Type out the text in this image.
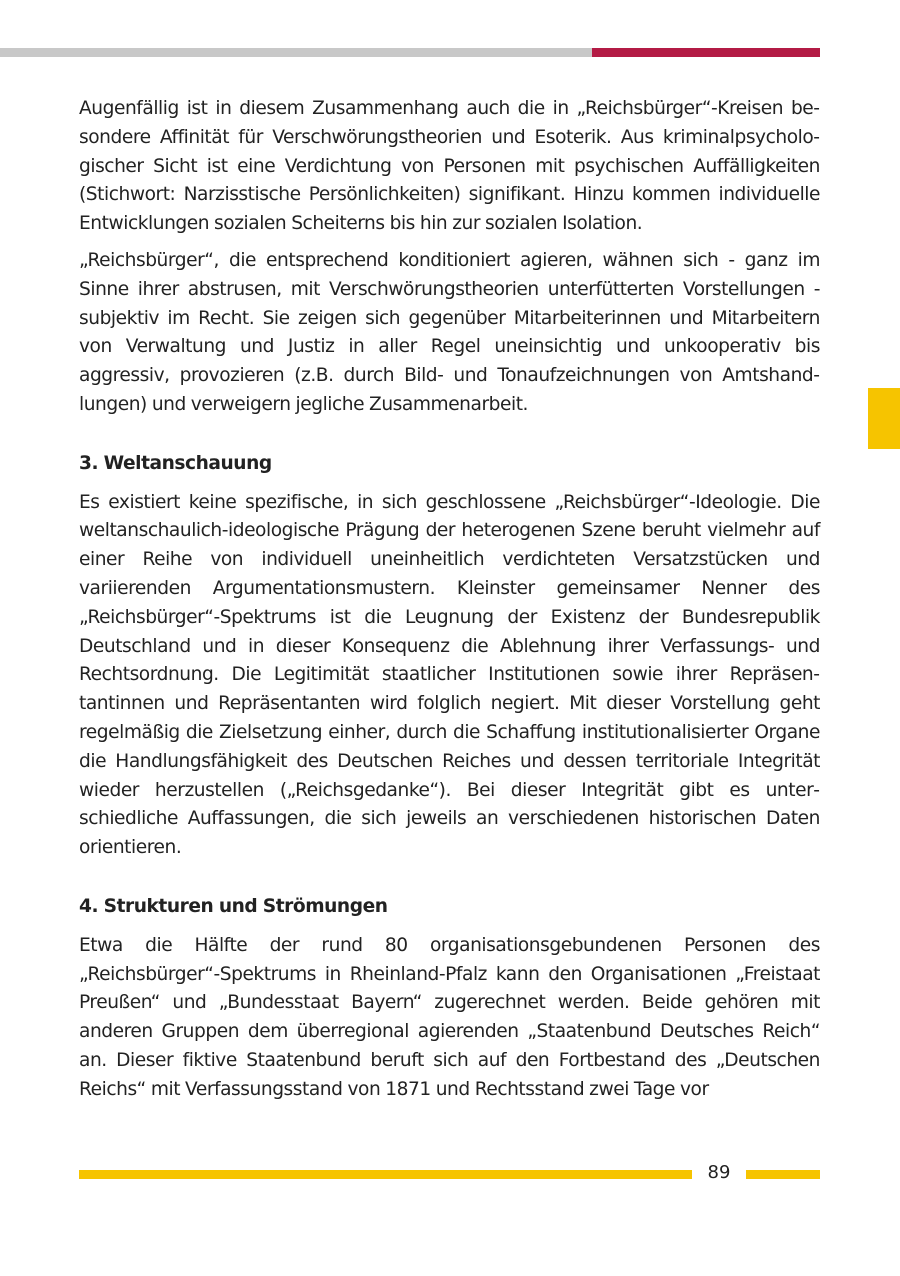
Augenfällig ist in diesem Zusammenhang auch die in „Reichsbürger“-Kreisen besondere Affinität für Verschwörungstheorien und Esoterik. Aus kriminalpsychologischer Sicht ist eine Verdichtung von Personen mit psychischen Auffälligkeiten (Stichwort: Narzisstische Persönlichkeiten) signifikant. Hinzu kommen individuelle Entwicklungen sozialen Scheiterns bis hin zur sozialen Isolation.

„Reichsbürger“, die entsprechend konditioniert agieren, wähnen sich - ganz im Sinne ihrer abstrusen, mit Verschwörungstheorien unterfütterten Vorstellungen - subjektiv im Recht. Sie zeigen sich gegenüber Mitarbeiterinnen und Mitarbeitern von Verwaltung und Justiz in aller Regel uneinsichtig und unkooperativ bis aggressiv, provozieren (z.B. durch Bild- und Tonaufzeichnungen von Amtshandlungen) und verweigern jegliche Zusammenarbeit.

3. Weltanschauung

Es existiert keine spezifische, in sich geschlossene „Reichsbürger“-Ideologie. Die weltanschaulich-ideologische Prägung der heterogenen Szene beruht vielmehr auf einer Reihe von individuell uneinheitlich verdichteten Versatzstücken und variierenden Argumentationsmustern. Kleinster gemeinsamer Nenner des „Reichsbürger“-Spektrums ist die Leugnung der Existenz der Bundesrepublik Deutschland und in dieser Konsequenz die Ablehnung ihrer Verfassungs- und Rechtsordnung. Die Legitimität staatlicher Institutionen sowie ihrer Repräsentantinnen und Repräsentanten wird folglich negiert. Mit dieser Vorstellung geht regelmäßig die Zielsetzung einher, durch die Schaffung institutionalisierter Organe die Handlungsfähigkeit des Deutschen Reiches und dessen territoriale Integrität wieder herzustellen („Reichsgedanke“). Bei dieser Integrität gibt es unterschiedliche Auffassungen, die sich jeweils an verschiedenen historischen Daten orientieren.

4. Strukturen und Strömungen

Etwa die Hälfte der rund 80 organisationsgebundenen Personen des „Reichsbürger“-Spektrums in Rheinland-Pfalz kann den Organisationen „Freistaat Preußen“ und „Bundesstaat Bayern“ zugerechnet werden. Beide gehören mit anderen Gruppen dem überregional agierenden „Staatenbund Deutsches Reich“ an. Dieser fiktive Staatenbund beruft sich auf den Fortbestand des „Deutschen Reichs“ mit Verfassungsstand von 1871 und Rechtsstand zwei Tage vor

89
